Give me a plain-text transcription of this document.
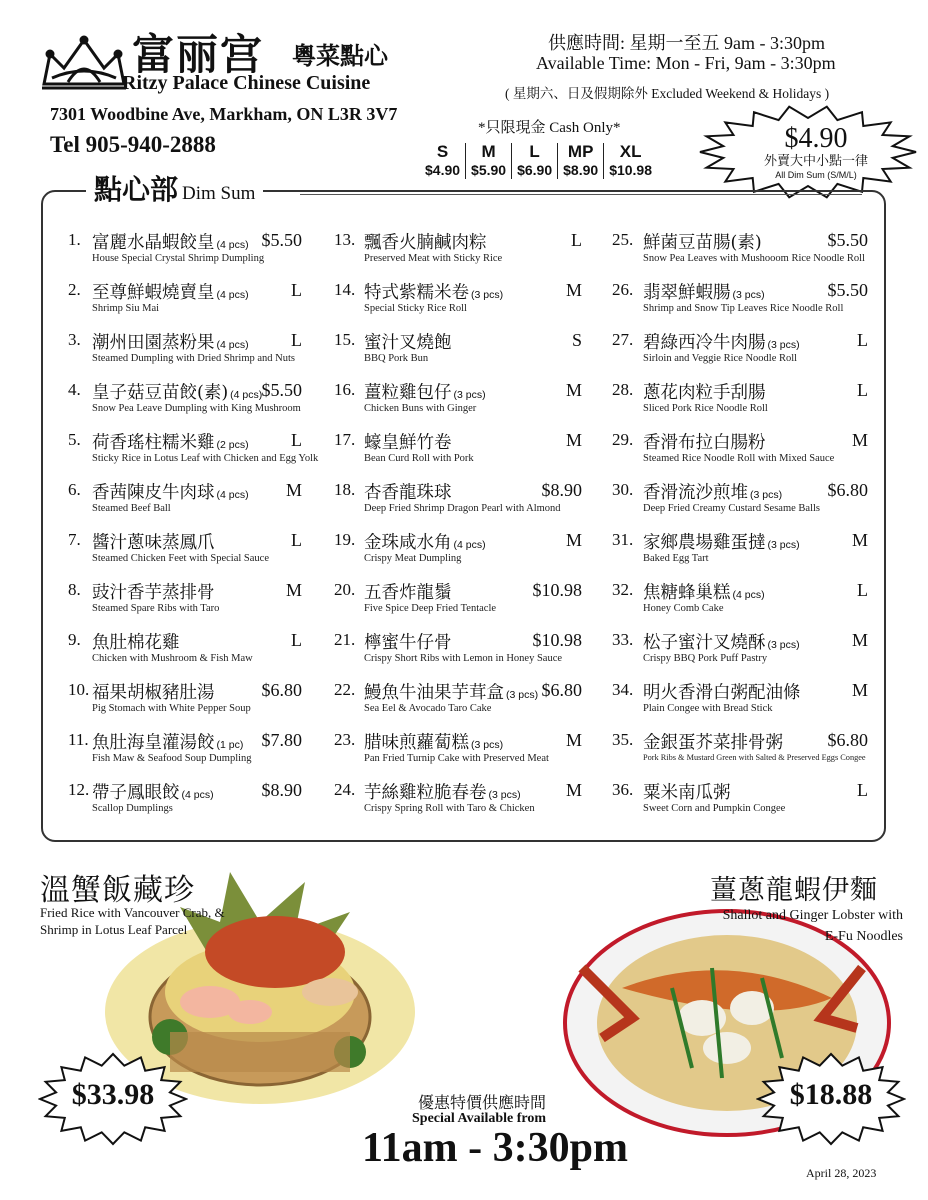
富丽宫 粵菜點心
Ritzy Palace Chinese Cuisine
7301 Woodbine Ave, Markham, ON L3R 3V7
Tel 905-940-2888
供應時間: 星期一至五 9am - 3:30pm
Available Time: Mon - Fri, 9am - 3:30pm
( 星期六、日及假期除外 Excluded Weekend & Holidays )
*只限現金 Cash Only*
S
$4.90
M
$5.90
L
$6.90
MP
$8.90
XL
$10.98
$4.90
外賣大中小點一律
All Dim Sum (S/M/L)
點心部 Dim Sum
1. 富麗水晶蝦餃皇 (4 pcs)
House Special Crystal Shrimp Dumpling
$5.50
2. 至尊鮮蝦燒賣皇 (4 pcs)
Shrimp Siu Mai
L
3. 潮州田園蒸粉果 (4 pcs)
Steamed Dumpling with Dried Shrimp and Nuts
L
4. 皇子菇豆苗餃(素) (4 pcs)
Snow Pea Leave Dumpling with King Mushroom
$5.50
5. 荷香瑤柱糯米雞 (2 pcs)
Sticky Rice in Lotus Leaf with Chicken and Egg Yolk
L
6. 香茜陳皮牛肉球 (4 pcs)
Steamed Beef Ball
M
7. 醬汁蔥味蒸鳳爪
Steamed Chicken Feet with Special Sauce
L
8. 豉汁香芋蒸排骨
Steamed Spare Ribs with Taro
M
9. 魚肚棉花雞
Chicken with Mushroom & Fish Maw
L
10. 福果胡椒豬肚湯
Pig Stomach with White Pepper Soup
$6.80
11. 魚肚海皇灌湯餃 (1 pc)
Fish Maw & Seafood Soup Dumpling
$7.80
12. 帶子鳳眼餃 (4 pcs)
Scallop Dumplings
$8.90
13. 飄香火腩鹹肉粽
Preserved Meat with Sticky Rice
L
14. 特式紫糯米卷 (3 pcs)
Special Sticky Rice Roll
M
15. 蜜汁叉燒飽
BBQ Pork Bun
S
16. 薑粒雞包仔 (3 pcs)
Chicken Buns with Ginger
M
17. 蠔皇鮮竹卷
Bean Curd Roll with Pork
M
18. 杏香龍珠球
Deep Fried Shrimp Dragon Pearl with Almond
$8.90
19. 金珠咸水角 (4 pcs)
Crispy Meat Dumpling
M
20. 五香炸龍鬚
Five Spice Deep Fried Tentacle
$10.98
21. 檸蜜牛仔骨
Crispy Short Ribs with Lemon in Honey Sauce
$10.98
22. 鰻魚牛油果芋茸盒 (3 pcs)
Sea Eel & Avocado Taro Cake
$6.80
23. 腊味煎蘿蔔糕 (3 pcs)
Pan Fried Turnip Cake with Preserved Meat
M
24. 芋絲雞粒脆春卷 (3 pcs)
Crispy Spring Roll with Taro & Chicken
M
25. 鮮菌豆苗腸(素)
Snow Pea Leaves with Mushooom Rice Noodle Roll
$5.50
26. 翡翠鮮蝦腸 (3 pcs)
Shrimp and Snow Tip Leaves Rice Noodle Roll
$5.50
27. 碧綠西冷牛肉腸 (3 pcs)
Sirloin and Veggie Rice Noodle Roll
L
28. 蔥花肉粒手刮腸
Sliced Pork Rice Noodle Roll
L
29. 香滑布拉白腸粉
Steamed Rice Noodle Roll with Mixed Sauce
M
30. 香滑流沙煎堆 (3 pcs)
Deep Fried Creamy Custard Sesame Balls
$6.80
31. 家鄉農場雞蛋撻 (3 pcs)
Baked Egg Tart
M
32. 焦糖蜂巢糕 (4 pcs)
Honey Comb Cake
L
33. 松子蜜汁叉燒酥 (3 pcs)
Crispy BBQ Pork Puff Pastry
M
34. 明火香滑白粥配油條
Plain Congee with Bread Stick
M
35. 金銀蛋芥菜排骨粥
Pork Ribs & Mustard Green with Salted & Preserved Eggs Congee
$6.80
36. 粟米南瓜粥
Sweet Corn and Pumpkin Congee
L
溫蟹飯藏珍
Fried Rice with Vancouver Crab, & Shrimp in Lotus Leaf Parcel
薑蔥龍蝦伊麵
Shallot and Ginger Lobster with E-Fu Noodles
$33.98	$18.88
優惠特價供應時間
Special Available from
11am - 3:30pm
April 28, 2023
